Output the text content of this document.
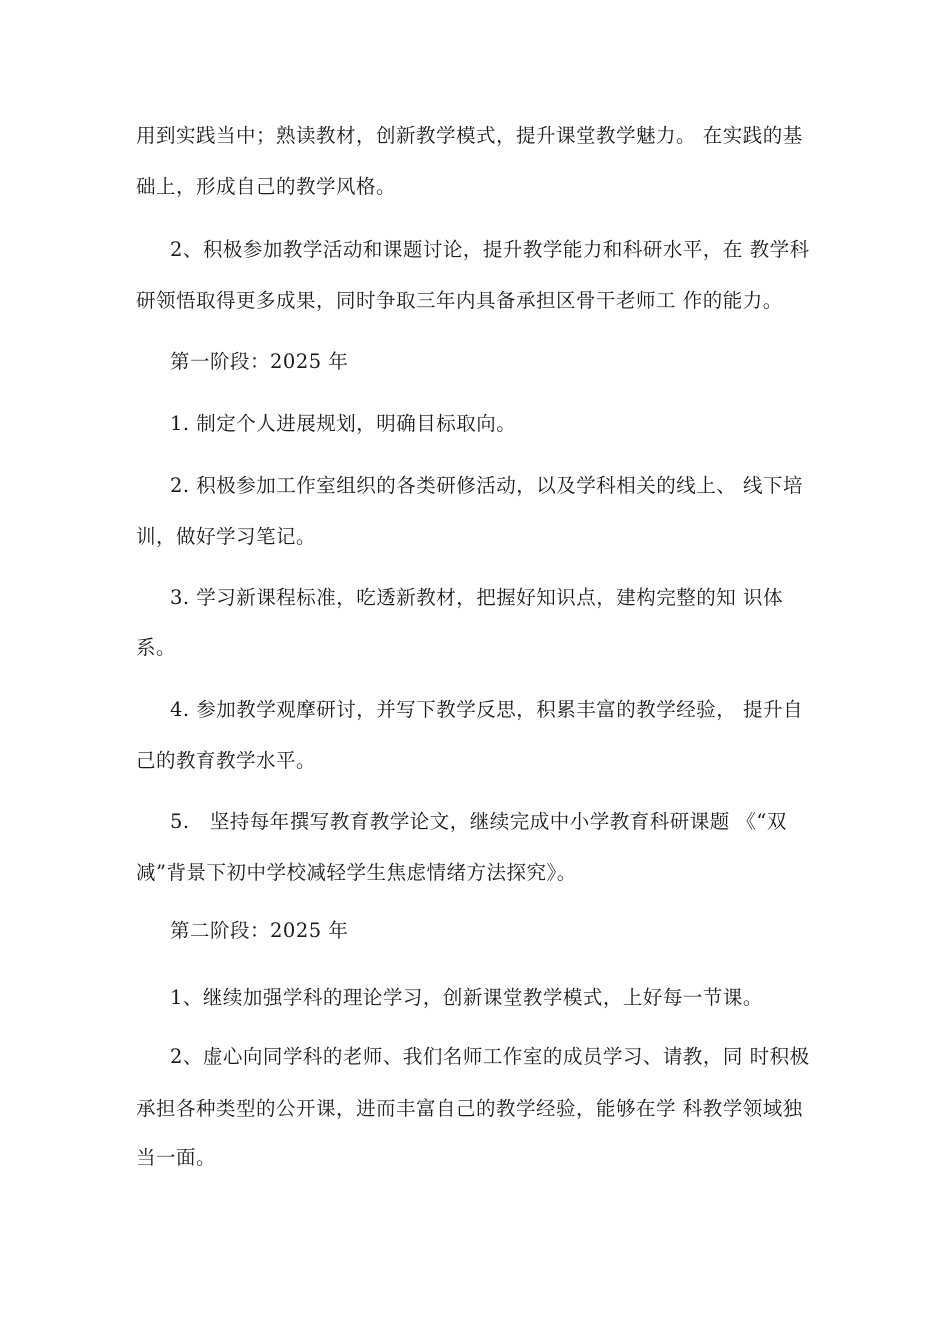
用到实践当中；熟读教材，创新教学模式，提升课堂教学魅力。 在实践的基
础上，形成自己的教学风格。
2、积极参加教学活动和课题讨论，提升教学能力和科研水平，在 教学科
研领悟取得更多成果，同时争取三年内具备承担区骨干老师工 作的能力。
第一阶段：2025 年
1. 制定个人进展规划，明确目标取向。
2. 积极参加工作室组织的各类研修活动，以及学科相关的线上、 线下培
训，做好学习笔记。
3. 学习新课程标准，吃透新教材，把握好知识点，建构完整的知 识体
系。
4. 参加教学观摩研讨，并写下教学反思，积累丰富的教学经验， 提升自
己的教育教学水平。
5.   坚持每年撰写教育教学论文，继续完成中小学教育科研课题 《“双
减”背景下初中学校减轻学生焦虑情绪方法探究》。
第二阶段：2025 年
1、继续加强学科的理论学习，创新课堂教学模式，上好每一节课。
2、虚心向同学科的老师、我们名师工作室的成员学习、请教，同 时积极
承担各种类型的公开课，进而丰富自己的教学经验，能够在学 科教学领域独
当一面。
